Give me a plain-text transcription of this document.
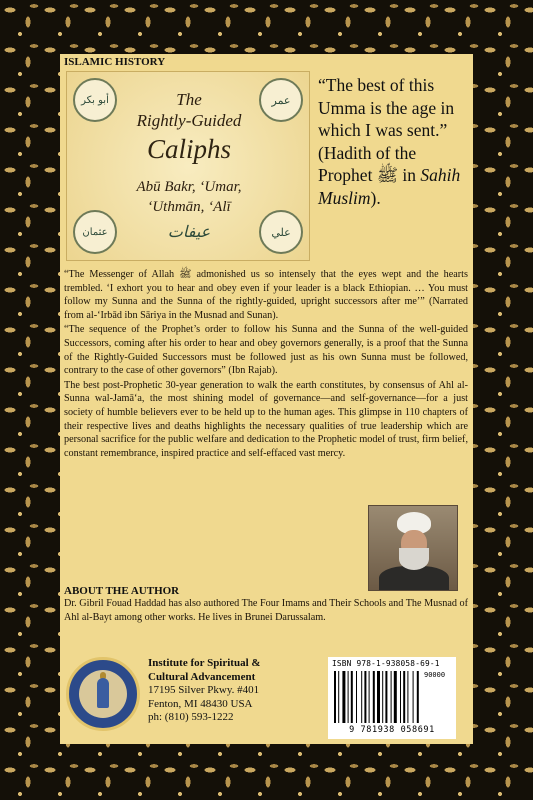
ISLAMIC HISTORY
أبو بكر	عمر
عثمان	علي
The
Rightly-Guided
Caliphs
Abū Bakr, ‘Umar,
‘Uthmān, ‘Alī
عيفات
“The best of this Umma is the age in which I was sent.” (Hadith of the Prophet ﷺ in Sahih Muslim).

“The Messenger of Allah ﷺ admonished us so intensely that the eyes wept and the hearts trembled. ‘I exhort you to hear and obey even if your leader is a black Ethiopian. … You must follow my Sunna and the Sunna of the rightly-guided, upright successors after me’” (Narrated from al-‘Irbād ibn Sāriya in the Musnad and Sunan).

“The sequence of the Prophet’s order to follow his Sunna and the Sunna of the well-guided Successors, coming after his order to hear and obey governors generally, is a proof that the Sunna of the Rightly-Guided Successors must be followed just as his own Sunna must be followed, contrary to the case of other governors” (Ibn Rajab).

The best post-Prophetic 30-year generation to walk the earth constitutes, by consensus of Ahl al-Sunna wal-Jamā‘a, the most shining model of governance—and self-governance—for a just society of humble believers ever to be held up to the human ages. This glimpse in 110 chapters of their respective lives and deaths highlights the necessary qualities of true leadership which are personal sacrifice for the public welfare and dedication to the Prophetic model of trust, firm belief, constant remembrance, inspired practice and self-effaced vast mercy.

ABOUT THE AUTHOR
Dr. Gibril Fouad Haddad has also authored The Four Imams and Their Schools and The Musnad of Ahl al-Bayt among other works. He lives in Brunei Darussalam.
Institute for Spiritual &
Cultural Advancement
17195 Silver Pkwy. #401
Fenton, MI 48430 USA
ph: (810) 593-1222
ISBN 978-1-938058-69-1
90000
9 781938 058691
